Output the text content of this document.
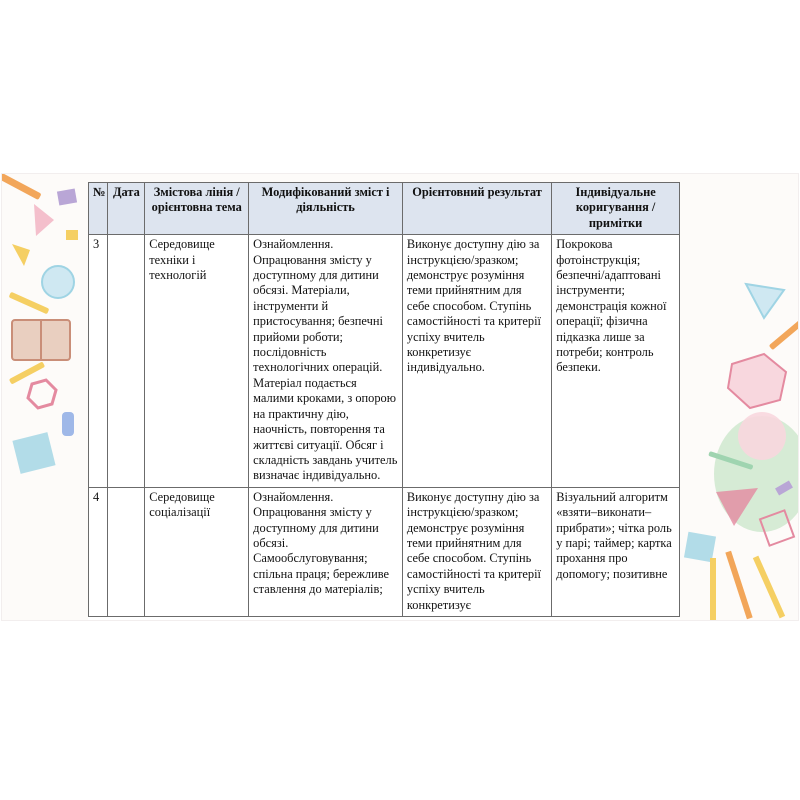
№	Дата	Змістова лінія / орієнтовна тема	Модифікований зміст і діяльність	Орієнтовний результат	Індивідуальне коригування / примітки
3		Середовище техніки і технологій	Ознайомлення. Опрацювання змісту у доступному для дитини обсязі. Матеріали, інструменти й пристосування; безпечні прийоми роботи; послідовність технологічних операцій. Матеріал подається малими кроками, з опорою на практичну дію, наочність, повторення та життєві ситуації. Обсяг і складність завдань учитель визначає індивідуально.	Виконує доступну дію за інструкцією/зразком; демонструє розуміння теми прийнятним для себе способом. Ступінь самостійності та критерії успіху вчитель конкретизує індивідуально.	Покрокова фотоінструкція; безпечні/адаптовані інструменти; демонстрація кожної операції; фізична підказка лише за потреби; контроль безпеки.
4		Середовище соціалізації	Ознайомлення. Опрацювання змісту у доступному для дитини обсязі. Самообслуговування; спільна праця; бережливе ставлення до матеріалів;	Виконує доступну дію за інструкцією/зразком; демонструє розуміння теми прийнятним для себе способом. Ступінь самостійності та критерії успіху вчитель конкретизує	Візуальний алгоритм «взяти–виконати–прибрати»; чітка роль у парі; таймер; картка прохання про допомогу; позитивне
